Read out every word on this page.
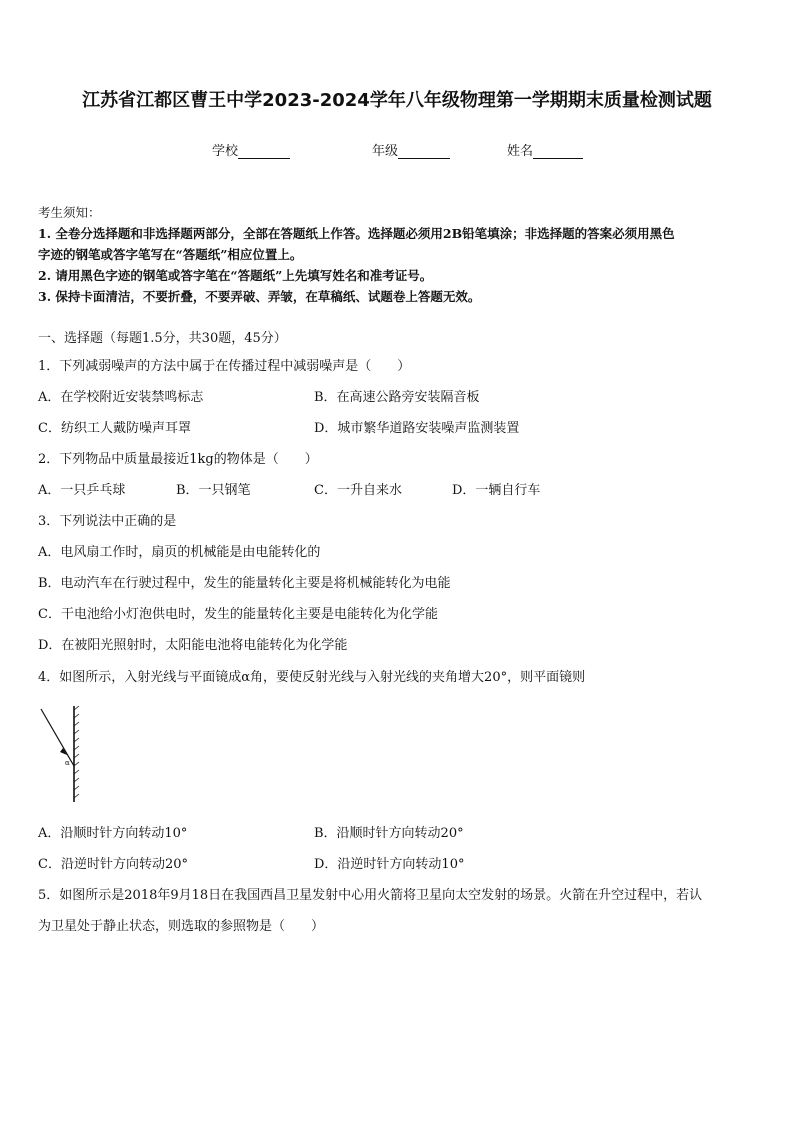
江苏省江都区曹王中学2023-2024学年八年级物理第一学期期末质量检测试题
学校	年级	姓名
考生须知：
1. 全卷分选择题和非选择题两部分，全部在答题纸上作答。选择题必须用2B铅笔填涂；非选择题的答案必须用黑色
字迹的钢笔或答字笔写在“答题纸”相应位置上。
2. 请用黑色字迹的钢笔或答字笔在“答题纸”上先填写姓名和准考证号。
3. 保持卡面清洁，不要折叠，不要弄破、弄皱，在草稿纸、试题卷上答题无效。
一、选择题（每题1.5分，共30题，45分）
1．下列减弱噪声的方法中属于在传播过程中减弱噪声是（　　）
A．在学校附近安装禁鸣标志	B．在高速公路旁安装隔音板
C．纺织工人戴防噪声耳罩	D．城市繁华道路安装噪声监测装置
2．下列物品中质量最接近1kg的物体是（　　）
A．一只乒乓球	B．一只钢笔	C．一升自来水	D．一辆自行车
3．下列说法中正确的是
A．电风扇工作时，扇页的机械能是由电能转化的
B．电动汽车在行驶过程中，发生的能量转化主要是将机械能转化为电能
C．干电池给小灯泡供电时，发生的能量转化主要是电能转化为化学能
D．在被阳光照射时，太阳能电池将电能转化为化学能
4．如图所示，入射光线与平面镜成α角，要使反射光线与入射光线的夹角增大20°，则平面镜则
α
A．沿顺时针方向转动10°	B．沿顺时针方向转动20°
C．沿逆时针方向转动20°	D．沿逆时针方向转动10°
5．如图所示是2018年9月18日在我国西昌卫星发射中心用火箭将卫星向太空发射的场景。火箭在升空过程中，若认
为卫星处于静止状态，则选取的参照物是（　　）
